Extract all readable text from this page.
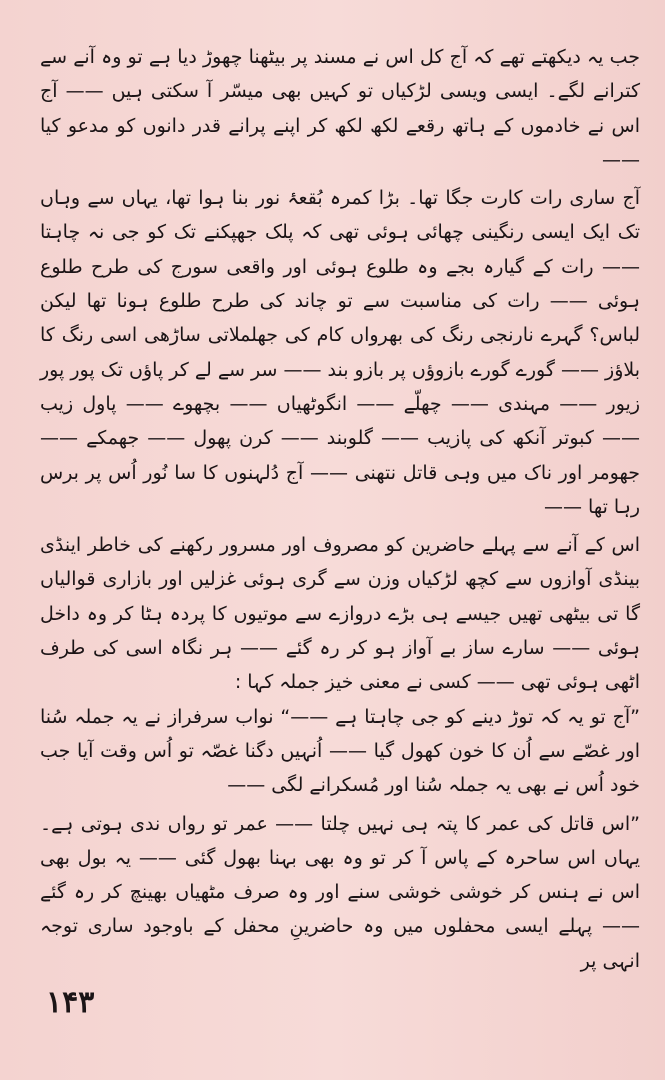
جب یہ دیکھتے تھے کہ آج کل اس نے مسند پر بیٹھنا چھوڑ دیا ہے تو وہ آنے سے کترانے لگے۔ ایسی ویسی لڑکیاں تو کہیں بھی میسّر آ سکتی ہیں —— آج اس نے خادموں کے ہاتھ رقعے لکھ لکھ کر اپنے پرانے قدر دانوں کو مدعو کیا ——

آج ساری رات کارت جگا تھا۔ بڑا کمرہ بُقعۂ نور بنا ہوا تھا، یہاں سے وہاں تک ایک ایسی رنگینی چھائی ہوئی تھی کہ پلک جھپکنے تک کو جی نہ چاہتا —— رات کے گیارہ بجے وہ طلوع ہوئی اور واقعی سورج کی طرح طلوع ہوئی —— رات کی مناسبت سے تو چاند کی طرح طلوع ہونا تھا لیکن لباس؟ گہرے نارنجی رنگ کی بھرواں کام کی جھلملاتی ساڑھی اسی رنگ کا بلاؤز —— گورے گورے بازوؤں پر بازو بند —— سر سے لے کر پاؤں تک پور پور زیور —— مہندی —— چھلّے —— انگوٹھیاں —— بچھوے —— پاول زیب —— کبوتر آنکھ کی پازیب —— گلوبند —— کرن پھول —— جھمکے —— جھومر اور ناک میں وہی قاتل نتھنی —— آج دُلہنوں کا سا نُور اُس پر برس رہا تھا ——

اس کے آنے سے پہلے حاضرین کو مصروف اور مسرور رکھنے کی خاطر اینڈی بینڈی آوازوں سے کچھ لڑکیاں وزن سے گری ہوئی غزلیں اور بازاری قوالیاں گا تی بیٹھی تھیں جیسے ہی بڑے دروازے سے موتیوں کا پردہ ہٹا کر وہ داخل ہوئی —— سارے ساز بے آواز ہو کر رہ گئے —— ہر نگاہ اسی کی طرف اٹھی ہوئی تھی —— کسی نے معنی خیز جملہ کہا :

”آج تو یہ کہ توڑ دینے کو جی چاہتا ہے ——“ نواب سرفراز نے یہ جملہ سُنا اور غصّے سے اُن کا خون کھول گیا —— اُنہیں دگنا غصّہ تو اُس وقت آیا جب خود اُس نے بھی یہ جملہ سُنا اور مُسکرانے لگی ——

”اس قاتل کی عمر کا پتہ ہی نہیں چلتا —— عمر تو رواں ندی ہوتی ہے۔ یہاں اس ساحرہ کے پاس آ کر تو وہ بھی بہنا بھول گئی —— یہ بول بھی اس نے ہنس کر خوشی خوشی سنے اور وہ صرف مٹھیاں بھینچ کر رہ گئے —— پہلے ایسی محفلوں میں وہ حاضرینِ محفل کے باوجود ساری توجہ انہی پر

۱۴۳
